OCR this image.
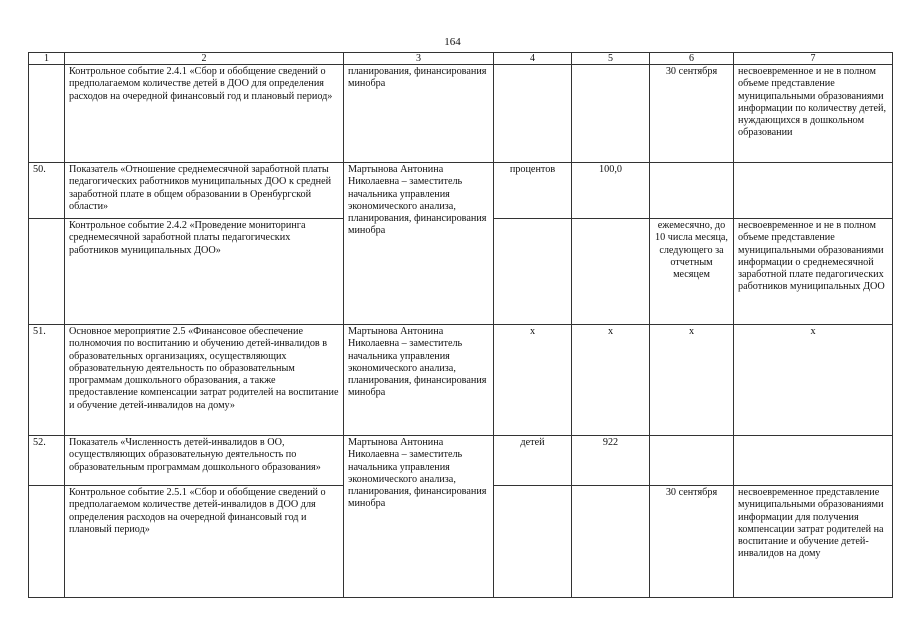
164
1	2	3	4	5	6	7
	Контрольное событие 2.4.1 «Сбор и обобщение сведений о предполагаемом количестве детей в ДОО для определения расходов на очередной финансовый год и плановый период»	планирования, финансирования минобра			30 сентября	несвоевременное и не в полном объеме представление муниципальными образованиями информации по количеству детей, нуждающихся в дошкольном образовании
50.	Показатель «Отношение среднемесячной заработной платы педагогических работников муниципальных ДОО к средней заработной плате в общем образовании в Оренбургской области»	Мартынова Антонина Николаевна – заместитель начальника управления экономического анализа, планирования, финансирования минобра	процентов	100,0		
	Контрольное событие 2.4.2 «Проведение мониторинга среднемесячной заработной платы педагогических работников муниципальных ДОО»				ежемесячно, до 10 числа месяца, следующего за отчетным месяцем	несвоевременное и не в полном объеме представление муниципальными образованиями информации о среднемесячной заработной плате педагогических работников муниципальных ДОО
51.	Основное мероприятие 2.5 «Финансовое обеспечение полномочия по воспитанию и обучению детей-инвалидов в образовательных организациях, осуществляющих образовательную деятельность по образовательным программам дошкольного образования, а также предоставление компенсации затрат родителей на воспитание и обучение детей-инвалидов на дому»	Мартынова Антонина Николаевна – заместитель начальника управления экономического анализа, планирования, финансирования минобра	х	х	х	х
52.	Показатель «Численность детей-инвалидов в ОО, осуществляющих образовательную деятельность по образовательным программам дошкольного образования»	Мартынова Антонина Николаевна – заместитель начальника управления экономического анализа, планирования, финансирования минобра	детей	922		
	Контрольное событие 2.5.1 «Сбор и обобщение сведений о предполагаемом количестве детей-инвалидов в ДОО для определения расходов на очередной финансовый год и плановый период»				30 сентября	несвоевременное представление муниципальными образованиями информации для получения компенсации затрат родителей на воспитание и обучение детей-инвалидов на дому
